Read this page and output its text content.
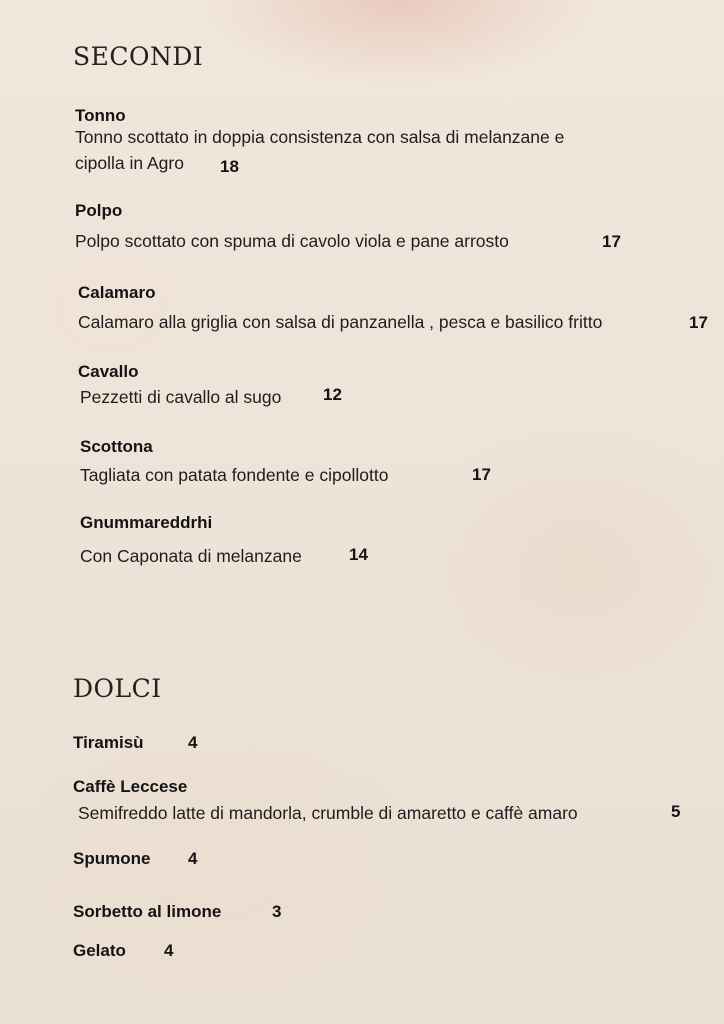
SECONDI
Tonno
Tonno scottato in doppia consistenza con salsa di melanzane e
cipolla in Agro 18
Polpo
Polpo scottato con spuma di cavolo viola e pane arrosto	17
Calamaro
Calamaro alla griglia con salsa di panzanella , pesca e basilico fritto	17
Cavallo
Pezzetti di cavallo al sugo 12
Scottona
Tagliata con patata fondente e cipollotto	17
Gnummareddrhi
Con Caponata di melanzane	14
DOLCI
Tiramisù	4
Caffè Leccese
Semifreddo latte di mandorla, crumble di amaretto e caffè amaro	5
Spumone 4
Sorbetto al limone	3
Gelato 4
